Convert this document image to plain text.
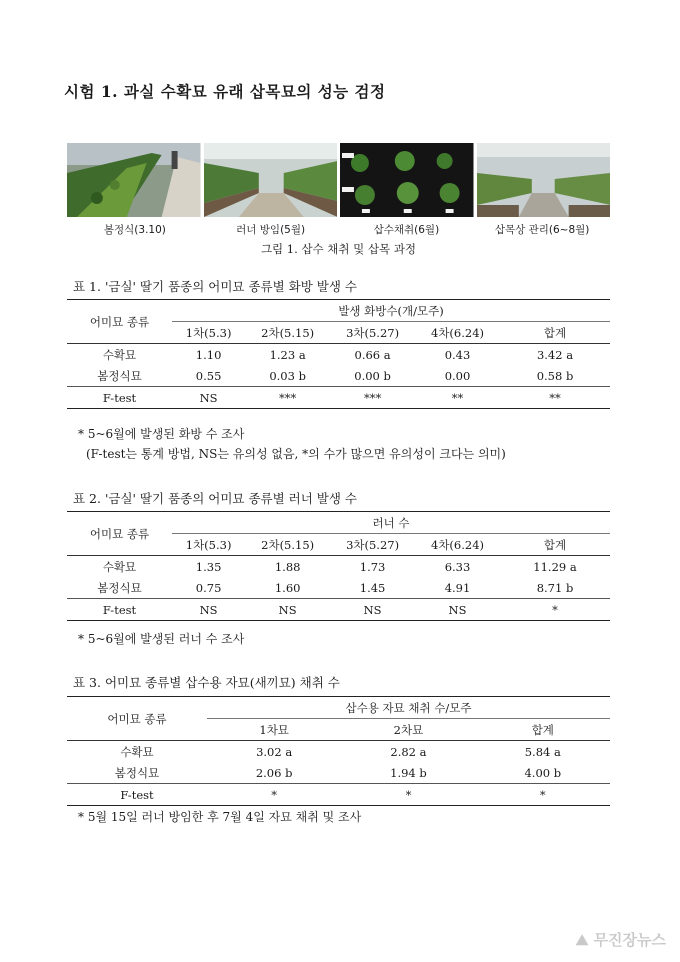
시험 1. 과실 수확묘 유래 삽목묘의 성능 검정
봄정식(3.10)	러너 방임(5월)	삽수채취(6월)	삽목상 관리(6~8월)
그림 1. 삽수 채취 및 삽목 과정
표 1. '금실' 딸기 품종의 어미묘 종류별 화방 발생 수
어미묘 종류	발생 화방수(개/모주)				
	1차(5.3)	2차(5.15)	3차(5.27)	4차(6.24)	합계
수확묘	1.10	1.23 a	0.66 a	0.43	3.42 a
봄정식묘	0.55	0.03 b	0.00 b	0.00	0.58 b
F-test	NS	***	***	**	**
* 5~6월에 발생된 화방 수 조사
(F-test는 통계 방법, NS는 유의성 없음, *의 수가 많으면 유의성이 크다는 의미)
표 2. '금실' 딸기 품종의 어미묘 종류별 러너 발생 수
어미묘 종류	러너 수				
	1차(5.3)	2차(5.15)	3차(5.27)	4차(6.24)	합계
수확묘	1.35	1.88	1.73	6.33	11.29 a
봄정식묘	0.75	1.60	1.45	4.91	8.71 b
F-test	NS	NS	NS	NS	*
* 5~6월에 발생된 러너 수 조사
표 3. 어미묘 종류별 삽수용 자묘(새끼묘) 채취 수
어미묘 종류	삽수용 자묘 채취 수/모주		
	1차묘	2차묘	합계
수확묘	3.02 a	2.82 a	5.84 a
봄정식묘	2.06 b	1.94 b	4.00 b
F-test	*	*	*
* 5월 15일 러너 방임한 후 7월 4일 자묘 채취 및 조사
⛰ 무진장뉴스
